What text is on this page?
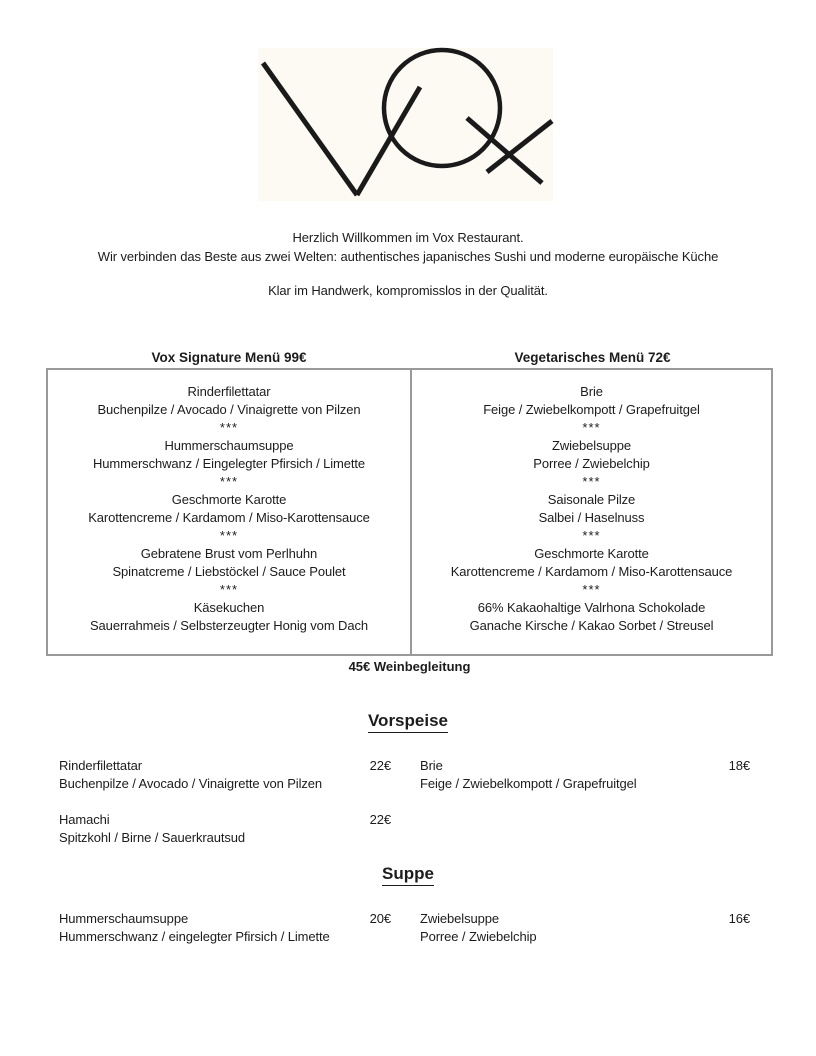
Herzlich Willkommen im Vox Restaurant.
Wir verbinden das Beste aus zwei Welten: authentisches japanisches Sushi und moderne europäische Küche
Klar im Handwerk, kompromisslos in der Qualität.
Vox Signature Menü 99€	Vegetarisches Menü 72€
Rinderfilettatar
Buchenpilze / Avocado / Vinaigrette von Pilzen
***
Hummerschaumsuppe
Hummerschwanz / Eingelegter Pfirsich / Limette
***
Geschmorte Karotte
Karottencreme / Kardamom / Miso-Karottensauce
***
Gebratene Brust vom Perlhuhn
Spinatcreme / Liebstöckel / Sauce Poulet
***
Käsekuchen
Sauerrahmeis / Selbsterzeugter Honig vom Dach
Brie
Feige / Zwiebelkompott / Grapefruitgel
***
Zwiebelsuppe
Porree / Zwiebelchip
***
Saisonale Pilze
Salbei / Haselnuss
***
Geschmorte Karotte
Karottencreme / Kardamom / Miso-Karottensauce
***
66% Kakaohaltige Valrhona Schokolade
Ganache Kirsche / Kakao Sorbet / Streusel
45€ Weinbegleitung
Vorspeise
Rinderfilettatar	22€
Buchenpilze / Avocado / Vinaigrette von Pilzen
Brie	18€
Feige / Zwiebelkompott / Grapefruitgel
Hamachi	22€
Spitzkohl / Birne / Sauerkrautsud
Suppe
Hummerschaumsuppe	20€
Hummerschwanz / eingelegter Pfirsich / Limette
Zwiebelsuppe	16€
Porree / Zwiebelchip
